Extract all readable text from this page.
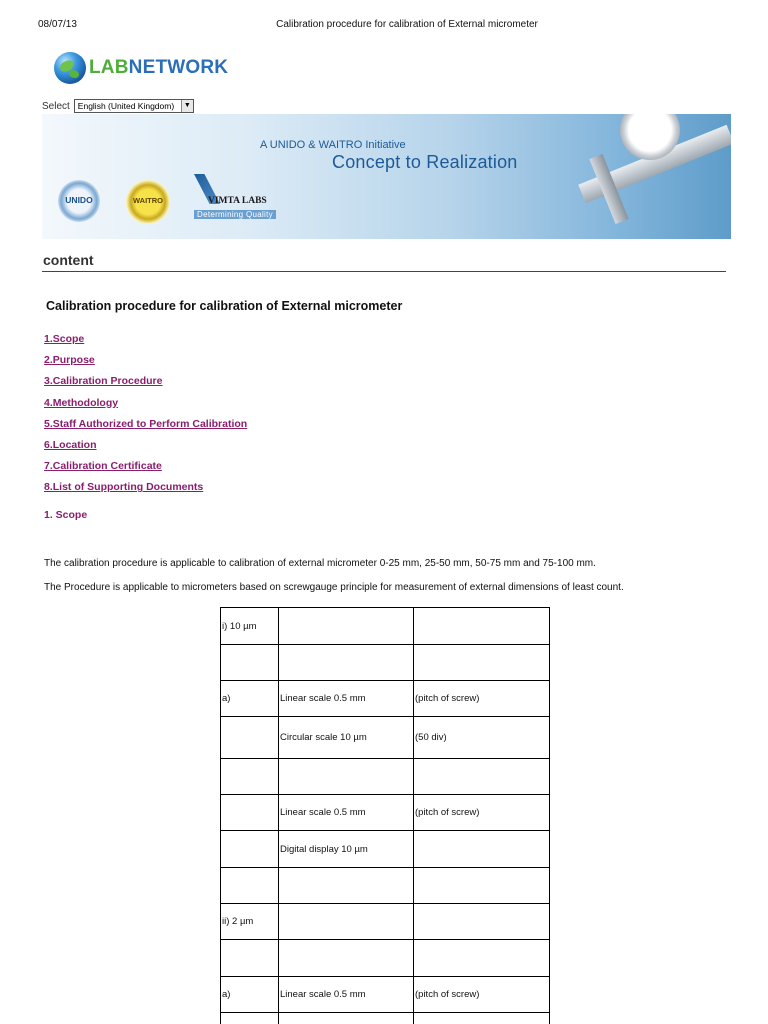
08/07/13	Calibration procedure for calibration of External micrometer
LABNETWORK
Select English (United Kingdom)	▼
A UNIDO & WAITRO Initiative
Concept to Realization
UNIDO	WAITRO	VIMTA LABS
Determining Quality
content
Calibration procedure for calibration of External micrometer
1.Scope
2.Purpose
3.Calibration Procedure
4.Methodology
5.Staff Authorized to Perform Calibration
6.Location
7.Calibration Certificate
8.List of Supporting Documents
1. Scope
The calibration procedure is applicable to calibration of external micrometer 0-25 mm, 25-50 mm, 50-75 mm and 75-100 mm.
The Procedure is applicable to micrometers based on screwgauge principle for measurement of external dimensions of least count.
i) 10 µm		

a)	Linear scale 0.5 mm	(pitch of screw)
	Circular scale 10 µm	(50 div)

	Linear scale 0.5 mm	(pitch of screw)
	Digital display 10 µm	

ii) 2 µm		

a)	Linear scale 0.5 mm	(pitch of screw)
